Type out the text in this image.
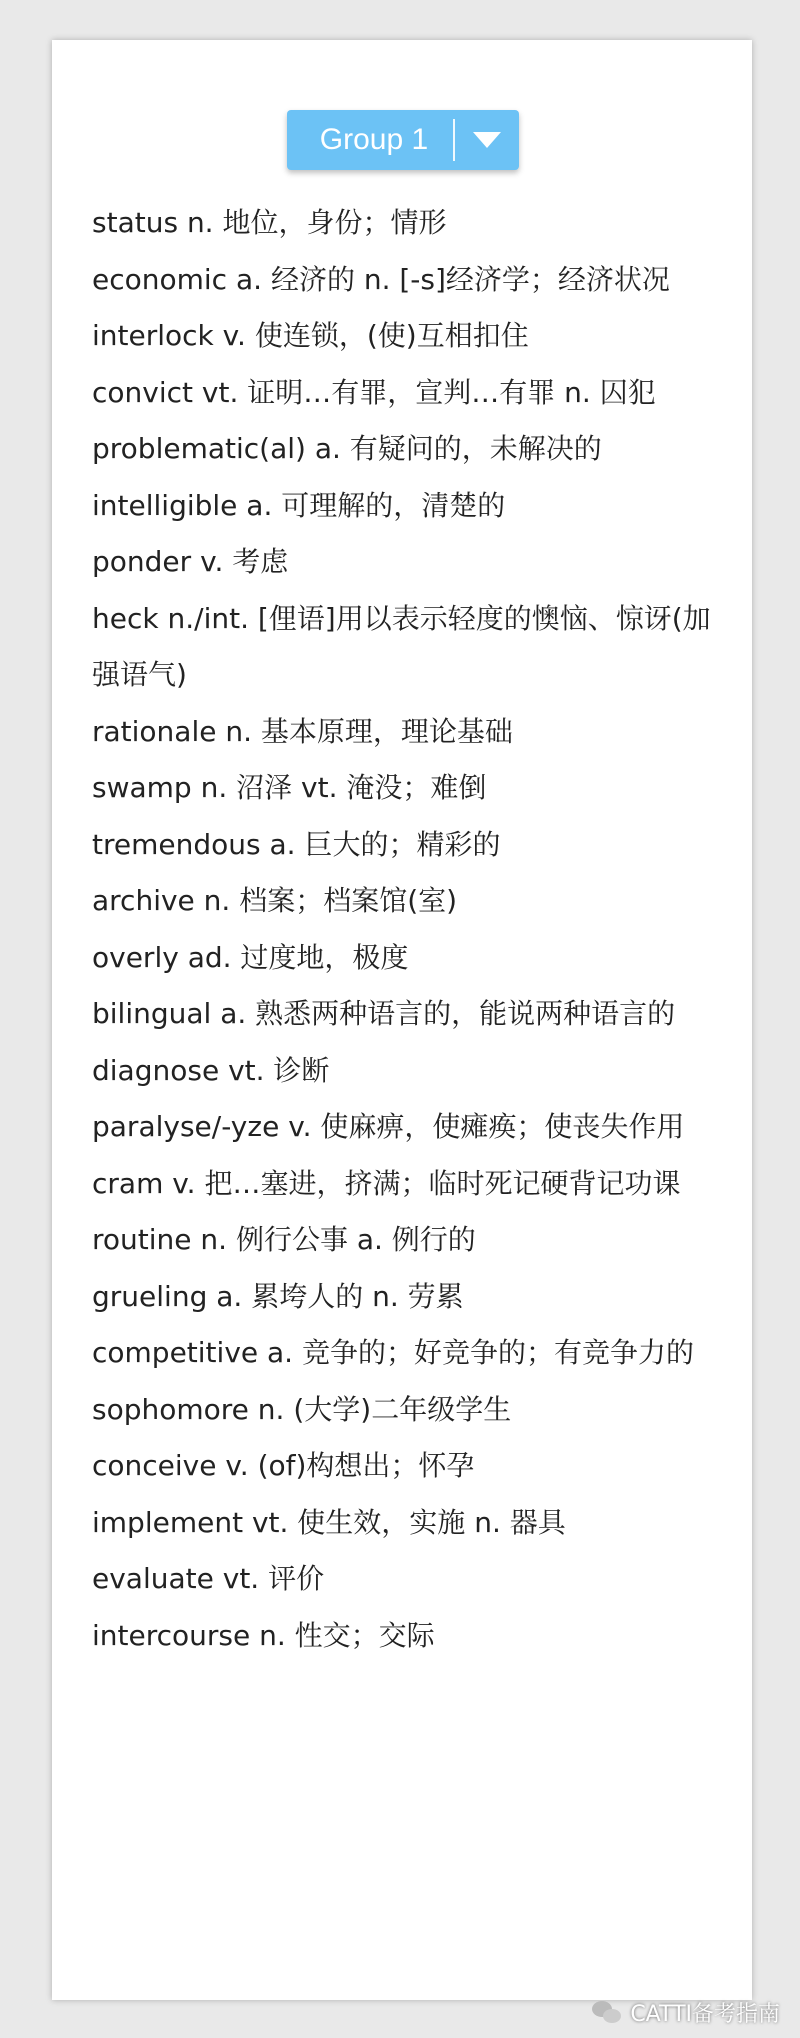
Group 1
status n. 地位，身份；情形
economic a. 经济的 n. [-s]经济学；经济状况
interlock v. 使连锁，(使)互相扣住
convict vt. 证明…有罪，宣判…有罪 n. 囚犯
problematic(al) a. 有疑问的，未解决的
intelligible a. 可理解的，清楚的
ponder v. 考虑
heck n./int. [俚语]用以表示轻度的懊恼、惊讶(加强语气)
rationale n. 基本原理，理论基础
swamp n. 沼泽 vt. 淹没；难倒
tremendous a. 巨大的；精彩的
archive n. 档案；档案馆(室)
overly ad. 过度地，极度
bilingual a. 熟悉两种语言的，能说两种语言的
diagnose vt. 诊断
paralyse/-yze v. 使麻痹，使瘫痪；使丧失作用
cram v. 把…塞进，挤满；临时死记硬背记功课
routine n. 例行公事 a. 例行的
grueling a. 累垮人的 n. 劳累
competitive a. 竞争的；好竞争的；有竞争力的
sophomore n. (大学)二年级学生
conceive v. (of)构想出；怀孕
implement vt. 使生效，实施 n. 器具
evaluate vt. 评价
intercourse n. 性交；交际
CATTI备考指南
